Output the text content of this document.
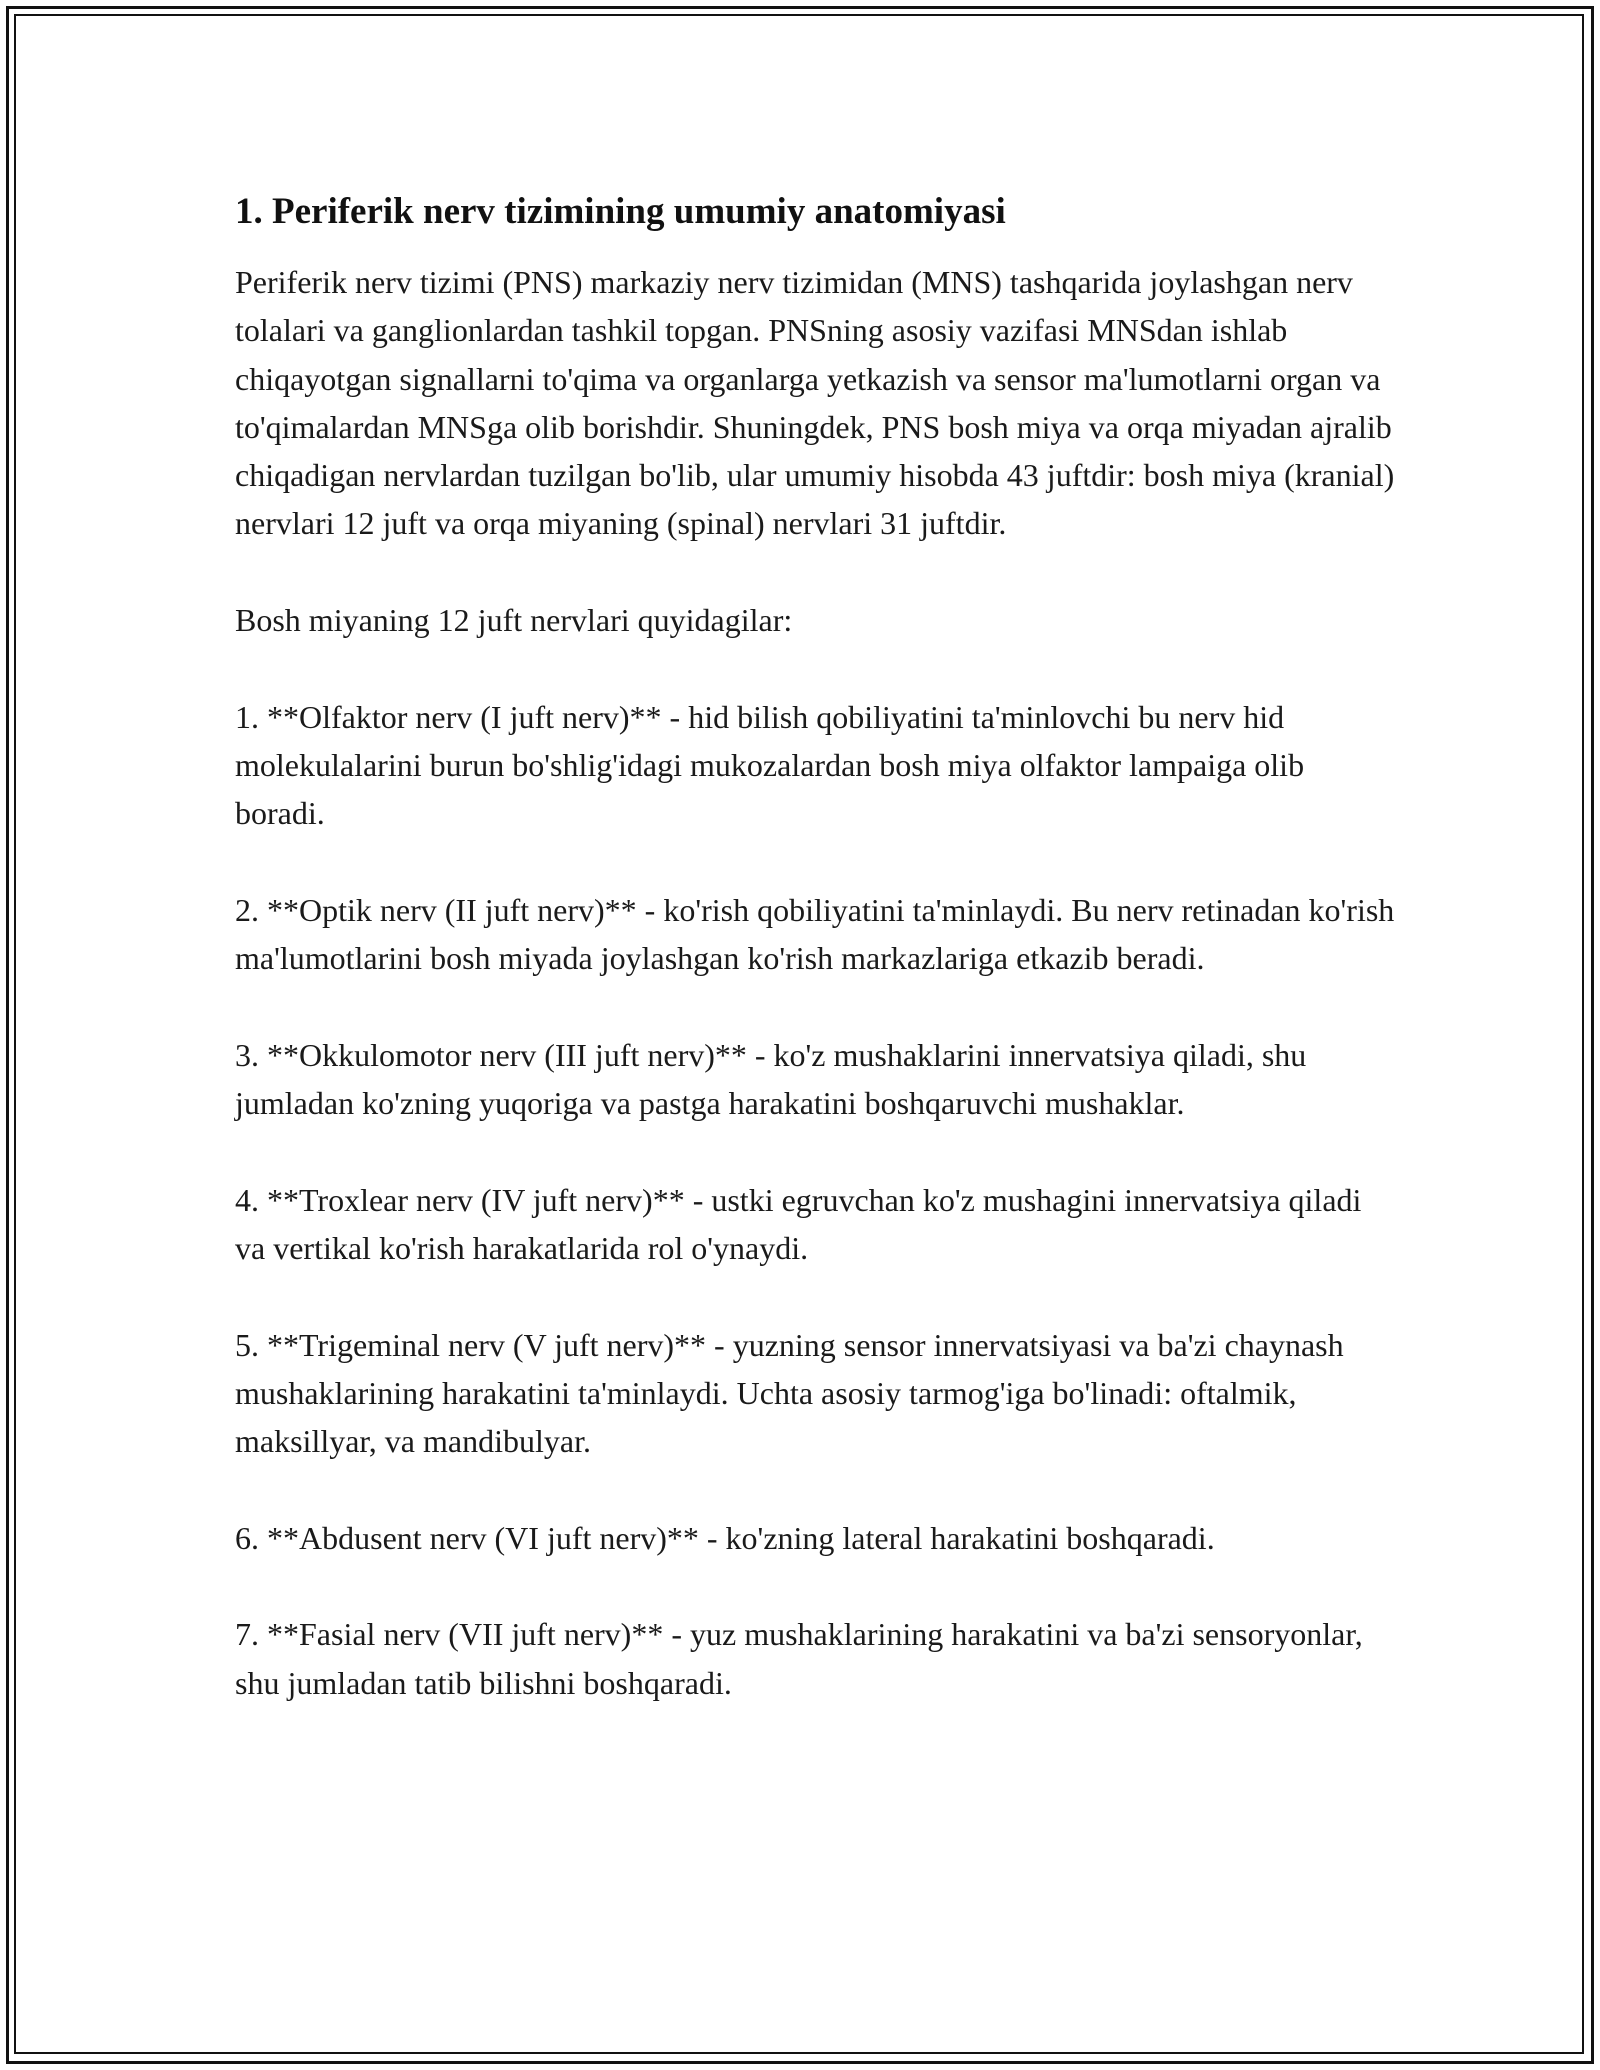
1. Periferik nerv tizimining umumiy anatomiyasi

Periferik nerv tizimi (PNS) markaziy nerv tizimidan (MNS) tashqarida joylashgan nerv tolalari va ganglionlardan tashkil topgan. PNSning asosiy vazifasi MNSdan ishlab chiqayotgan signallarni to'qima va organlarga yetkazish va sensor ma'lumotlarni organ va to'qimalardan MNSga olib borishdir. Shuningdek, PNS bosh miya va orqa miyadan ajralib chiqadigan nervlardan tuzilgan bo'lib, ular umumiy hisobda 43 juftdir: bosh miya (kranial) nervlari 12 juft va orqa miyaning (spinal) nervlari 31 juftdir.

Bosh miyaning 12 juft nervlari quyidagilar:

1. **Olfaktor nerv (I juft nerv)** - hid bilish qobiliyatini ta'minlovchi bu nerv hid molekulalarini burun bo'shlig'idagi mukozalardan bosh miya olfaktor lampaiga olib boradi.

2. **Optik nerv (II juft nerv)** - ko'rish qobiliyatini ta'minlaydi. Bu nerv retinadan ko'rish ma'lumotlarini bosh miyada joylashgan ko'rish markazlariga etkazib beradi.

3. **Okkulomotor nerv (III juft nerv)** - ko'z mushaklarini innervatsiya qiladi, shu jumladan ko'zning yuqoriga va pastga harakatini boshqaruvchi mushaklar.

4. **Troxlear nerv (IV juft nerv)** - ustki egruvchan ko'z mushagini innervatsiya qiladi va vertikal ko'rish harakatlarida rol o'ynaydi.

5. **Trigeminal nerv (V juft nerv)** - yuzning sensor innervatsiyasi va ba'zi chaynash mushaklarining harakatini ta'minlaydi. Uchta asosiy tarmog'iga bo'linadi: oftalmik, maksillyar, va mandibulyar.

6. **Abdusent nerv (VI juft nerv)** - ko'zning lateral harakatini boshqaradi.

7. **Fasial nerv (VII juft nerv)** - yuz mushaklarining harakatini va ba'zi sensoryonlar, shu jumladan tatib bilishni boshqaradi.
